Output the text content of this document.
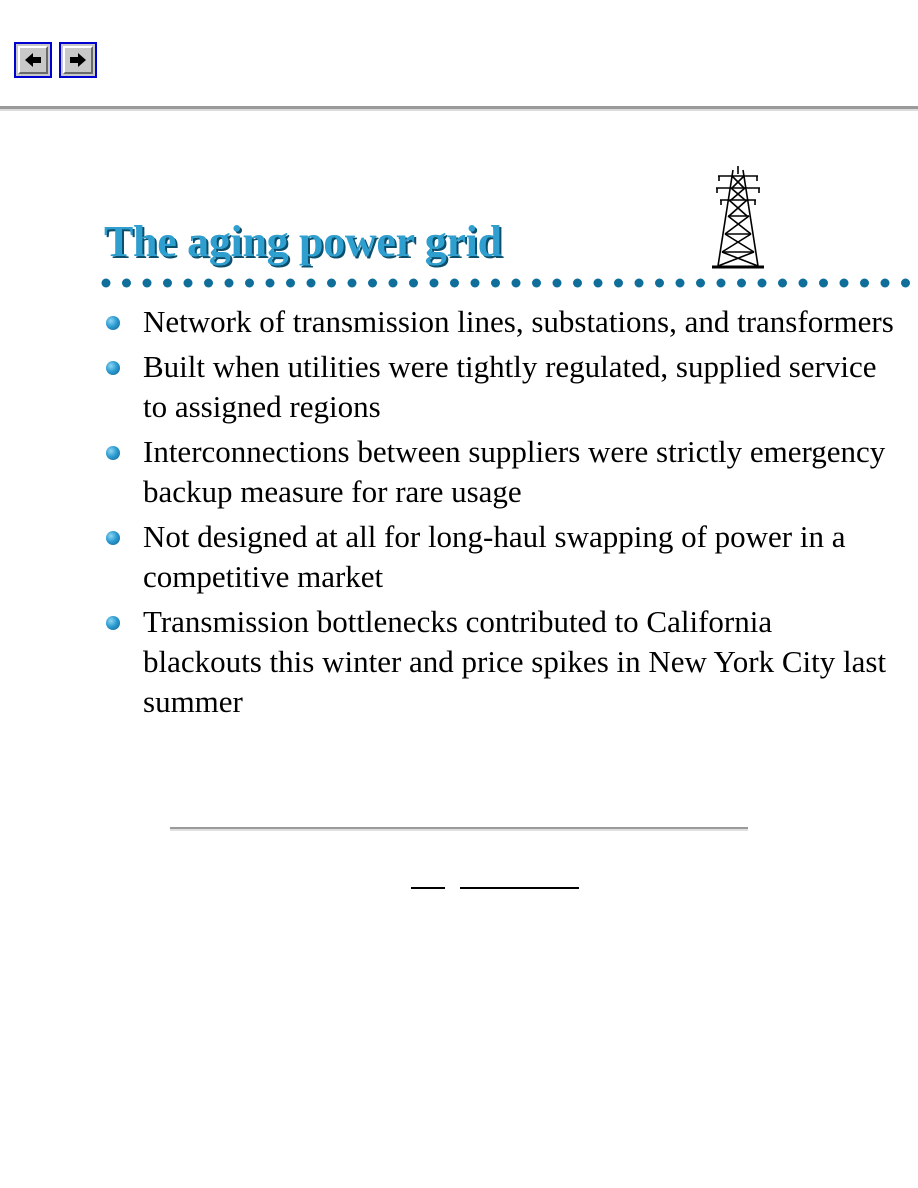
The aging power grid
Network of transmission lines, substations, and transformers
Built when utilities were tightly regulated, supplied service to assigned regions
Interconnections between suppliers were strictly emergency backup measure for rare usage
Not designed at all for long-haul swapping of power in a competitive market
Transmission bottlenecks contributed to California blackouts this winter and price spikes in New York City last summer
